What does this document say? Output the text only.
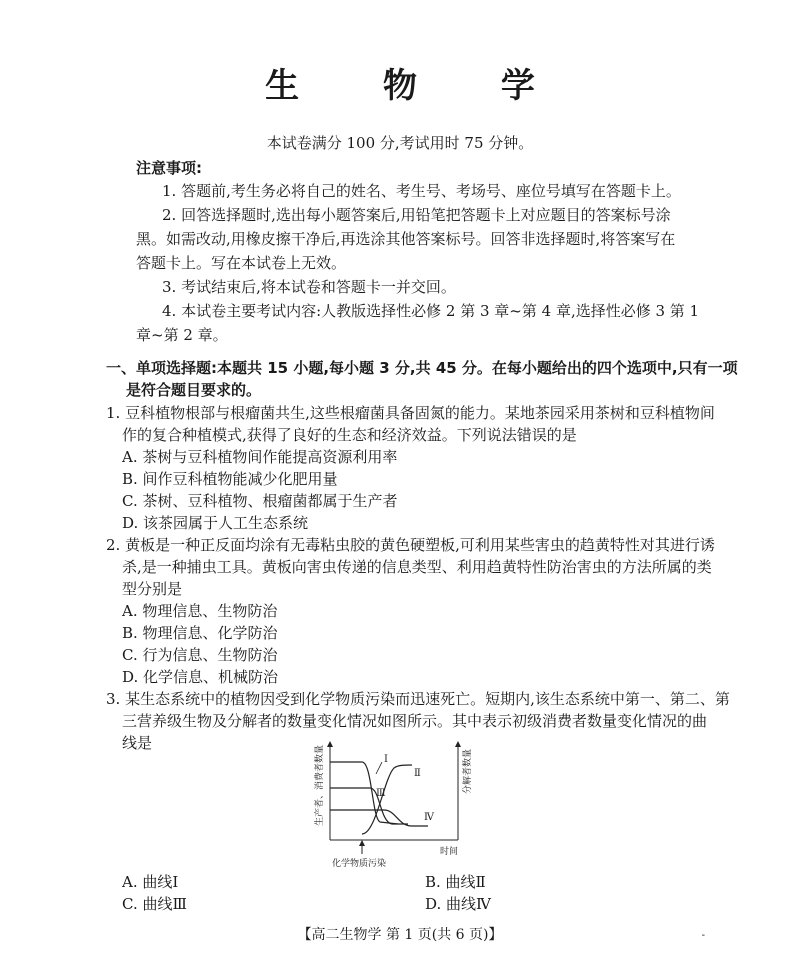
生 物 学
本试卷满分 100 分,考试用时 75 分钟。
注意事项:
1. 答题前,考生务必将自己的姓名、考生号、考场号、座位号填写在答题卡上。
2. 回答选择题时,选出每小题答案后,用铅笔把答题卡上对应题目的答案标号涂
黑。如需改动,用橡皮擦干净后,再选涂其他答案标号。回答非选择题时,将答案写在
答题卡上。写在本试卷上无效。
3. 考试结束后,将本试卷和答题卡一并交回。
4. 本试卷主要考试内容:人教版选择性必修 2 第 3 章~第 4 章,选择性必修 3 第 1
章~第 2 章。
一、单项选择题:本题共 15 小题,每小题 3 分,共 45 分。在每小题给出的四个选项中,只有一项
是符合题目要求的。
1. 豆科植物根部与根瘤菌共生,这些根瘤菌具备固氮的能力。某地茶园采用茶树和豆科植物间
作的复合种植模式,获得了良好的生态和经济效益。下列说法错误的是
A. 茶树与豆科植物间作能提高资源利用率
B. 间作豆科植物能减少化肥用量
C. 茶树、豆科植物、根瘤菌都属于生产者
D. 该茶园属于人工生态系统
2. 黄板是一种正反面均涂有无毒粘虫胶的黄色硬塑板,可利用某些害虫的趋黄特性对其进行诱
杀,是一种捕虫工具。黄板向害虫传递的信息类型、利用趋黄特性防治害虫的方法所属的类
型分别是
A. 物理信息、生物防治
B. 物理信息、化学防治
C. 行为信息、生物防治
D. 化学信息、机械防治
3. 某生态系统中的植物因受到化学物质污染而迅速死亡。短期内,该生态系统中第一、第二、第
三营养级生物及分解者的数量变化情况如图所示。其中表示初级消费者数量变化情况的曲
线是
Ⅰ
Ⅱ
Ⅲ
Ⅳ
生产者、消费者数量	分解者数量
化学物质污染
时间
A. 曲线Ⅰ	B. 曲线Ⅱ
C. 曲线Ⅲ	D. 曲线Ⅳ
【高二生物学 第 1 页(共 6 页)】	-
